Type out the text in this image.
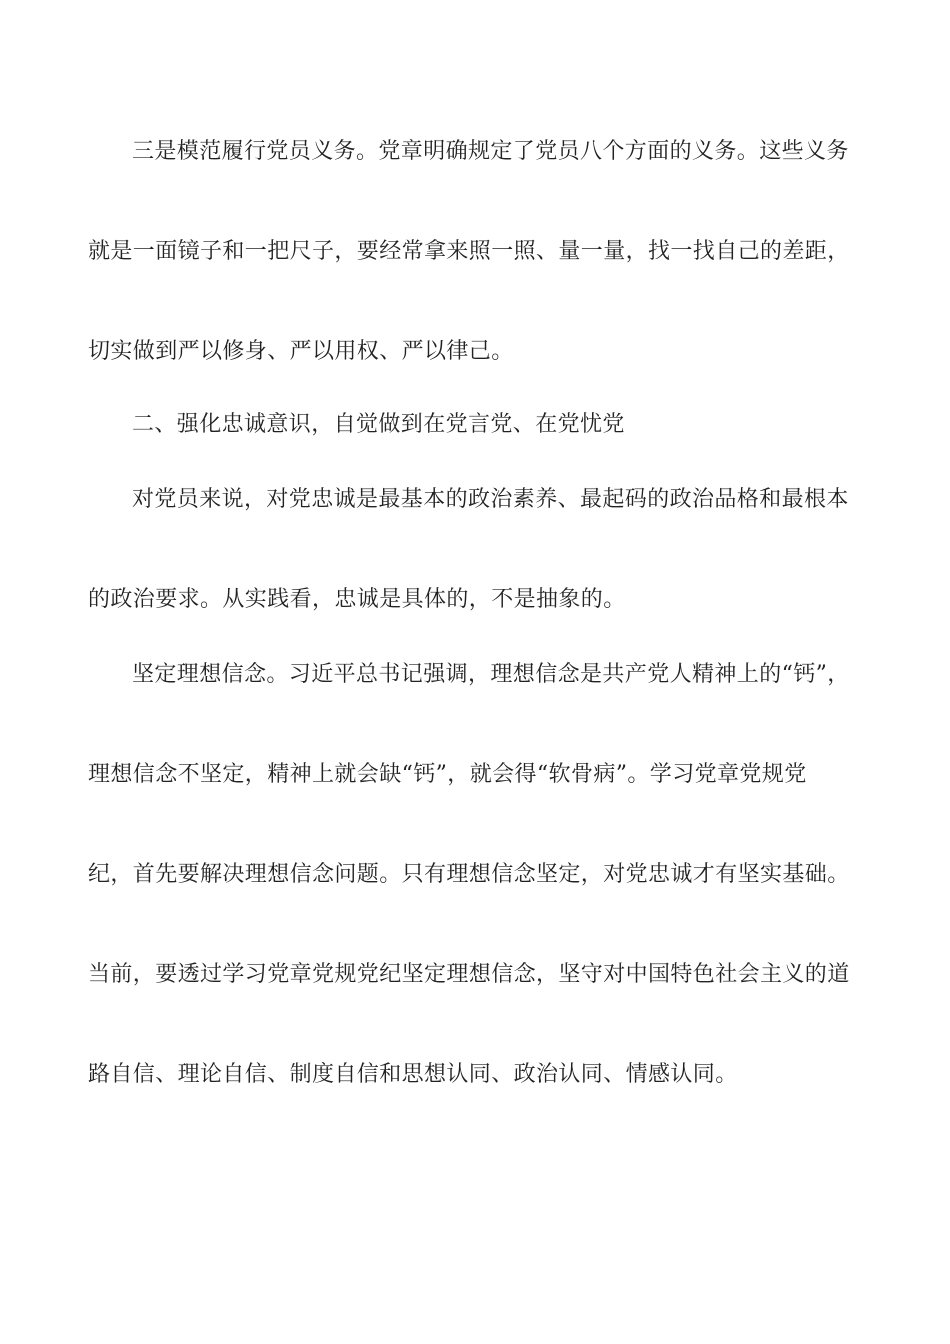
三是模范履行党员义务。党章明确规定了党员八个方面的义务。这些义务
就是一面镜子和一把尺子，要经常拿来照一照、量一量，找一找自己的差距，
切实做到严以修身、严以用权、严以律己。
二、强化忠诚意识，自觉做到在党言党、在党忧党
对党员来说，对党忠诚是最基本的政治素养、最起码的政治品格和最根本
的政治要求。从实践看，忠诚是具体的，不是抽象的。
坚定理想信念。习近平总书记强调，理想信念是共产党人精神上的“钙”，
理想信念不坚定，精神上就会缺“钙”，就会得“软骨病”。学习党章党规党
纪，首先要解决理想信念问题。只有理想信念坚定，对党忠诚才有坚实基础。
当前，要透过学习党章党规党纪坚定理想信念，坚守对中国特色社会主义的道
路自信、理论自信、制度自信和思想认同、政治认同、情感认同。
